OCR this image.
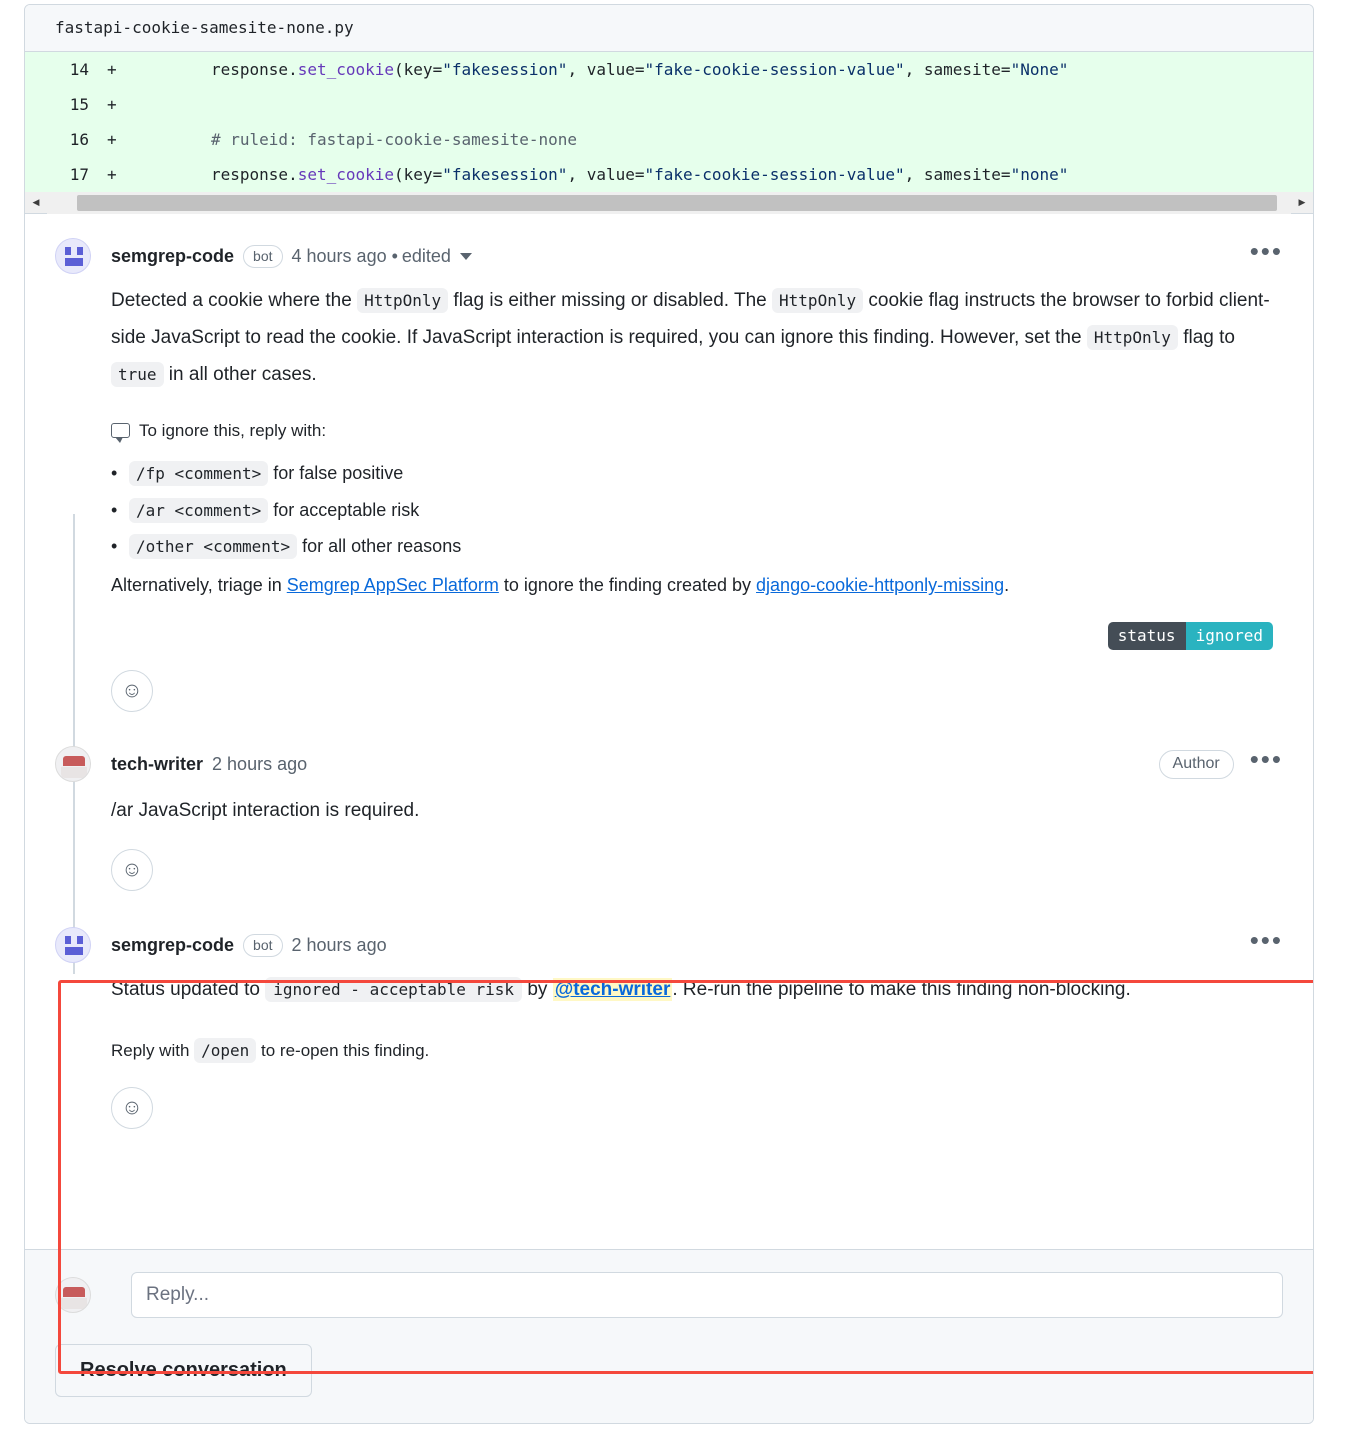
fastapi-cookie-samesite-none.py
14	+	response.set_cookie(key="fakesession", value="fake-cookie-session-value", samesite="None"
15	+
16	+	# ruleid: fastapi-cookie-samesite-none
17	+	response.set_cookie(key="fakesession", value="fake-cookie-session-value", samesite="none"
◀	▶
semgrep-code	bot	4 hours ago • edited	•••
Detected a cookie where the HttpOnly flag is either missing or disabled. The HttpOnly cookie flag instructs the browser to forbid client-side JavaScript to read the cookie. If JavaScript interaction is required, you can ignore this finding. However, set the HttpOnly flag to true in all other cases.
To ignore this, reply with:
• /fp <comment> for false positive
• /ar <comment> for acceptable risk
• /other <comment> for all other reasons
Alternatively, triage in Semgrep AppSec Platform to ignore the finding created by django-cookie-httponly-missing.
status	ignored
☺
tech-writer 2 hours ago	Author	•••
/ar JavaScript interaction is required.
☺
semgrep-code	bot	2 hours ago	•••
Status updated to ignored - acceptable risk by @tech-writer . Re-run the pipeline to make this finding non-blocking.
Reply with /open to re-open this finding.
☺
Reply...
Resolve conversation
